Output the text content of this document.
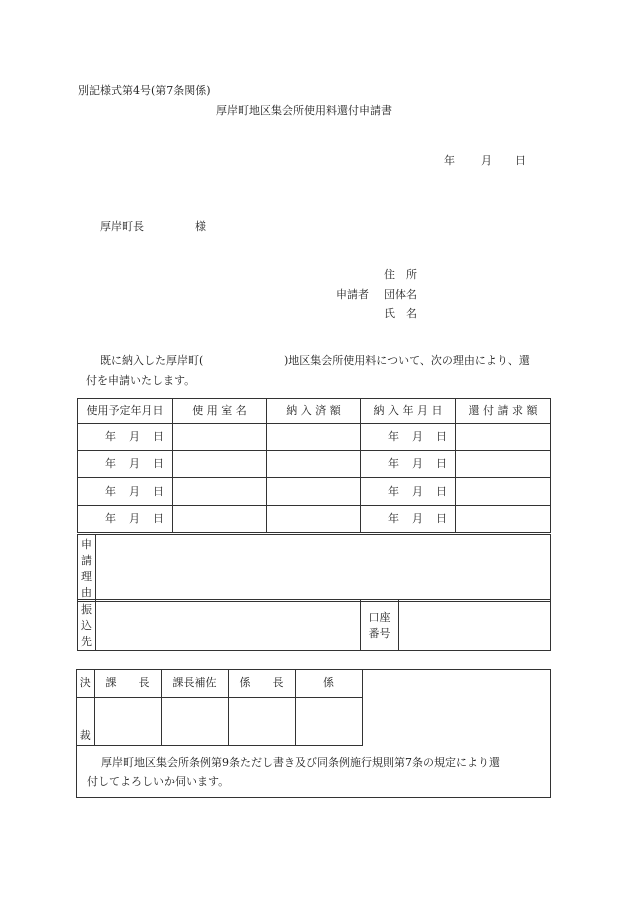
別記様式第4号(第7条関係)
厚岸町地区集会所使用料還付申請書
年 月 日
厚岸町長	様
住　所
申請者 団体名
氏　名
既に納入した厚岸町(	)地区集会所使用料について、次の理由により、還
付を申請いたします。
使用予定年月日	使 用 室 名	納 入 済 額	納 入 年 月 日	還 付 請 求 額
年 月 日			年 月 日	
年 月 日			年 月 日	
年 月 日			年 月 日	
年 月 日			年 月 日	
申
請
理
由

振
込
先

口座
番号

決	課　　長	課長補佐	係　　長	係
裁				
厚岸町地区集会所条例第9条ただし書き及び同条例施行規則第7条の規定により還
付してよろしいか伺います。
